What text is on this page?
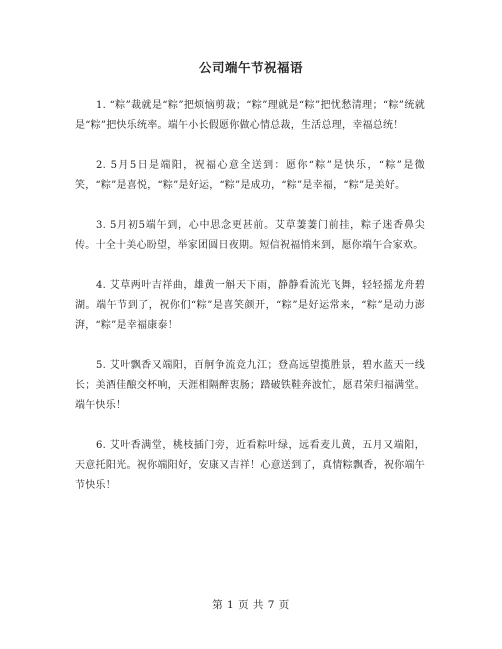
公司端午节祝福语

1. “粽”裁就是“粽”把烦恼剪裁；“粽”理就是“粽”把忧愁清理；“粽”统就是“粽”把快乐统率。端午小长假愿你做心情总裁，生活总理，幸福总统！

2. 5月5日是端阳，祝福心意全送到：愿你“粽”是快乐，“粽”是微笑，“粽”是喜悦，“粽”是好运，“粽”是成功，“粽”是幸福，“粽”是美好。

3. 5月初5端午到，心中思念更甚前。艾草萋萋门前挂，粽子迷香鼻尖传。十全十美心盼望，举家团圆日夜期。短信祝福悄来到，愿你端午合家欢。

4. 艾草两叶吉祥曲，雄黄一斛天下雨，静静看流光飞舞，轻轻摇龙舟碧湖。端午节到了，祝你们“粽”是喜笑颜开，“粽”是好运常来，“粽”是动力澎湃，“粽”是幸福康泰！

5. 艾叶飘香又端阳，百舸争流竞九江；登高远望揽胜景，碧水蓝天一线长；美酒佳酿交杯响，天涯相隔醉衷肠；踏破铁鞋奔波忙，愿君荣归福满堂。端午快乐！

6. 艾叶香满堂，桃枝插门旁，近看粽叶绿，远看麦儿黄，五月又端阳，天意托阳光。祝你端阳好，安康又吉祥！心意送到了，真情粽飘香，祝你端午节快乐！

第 1 页 共 7 页
